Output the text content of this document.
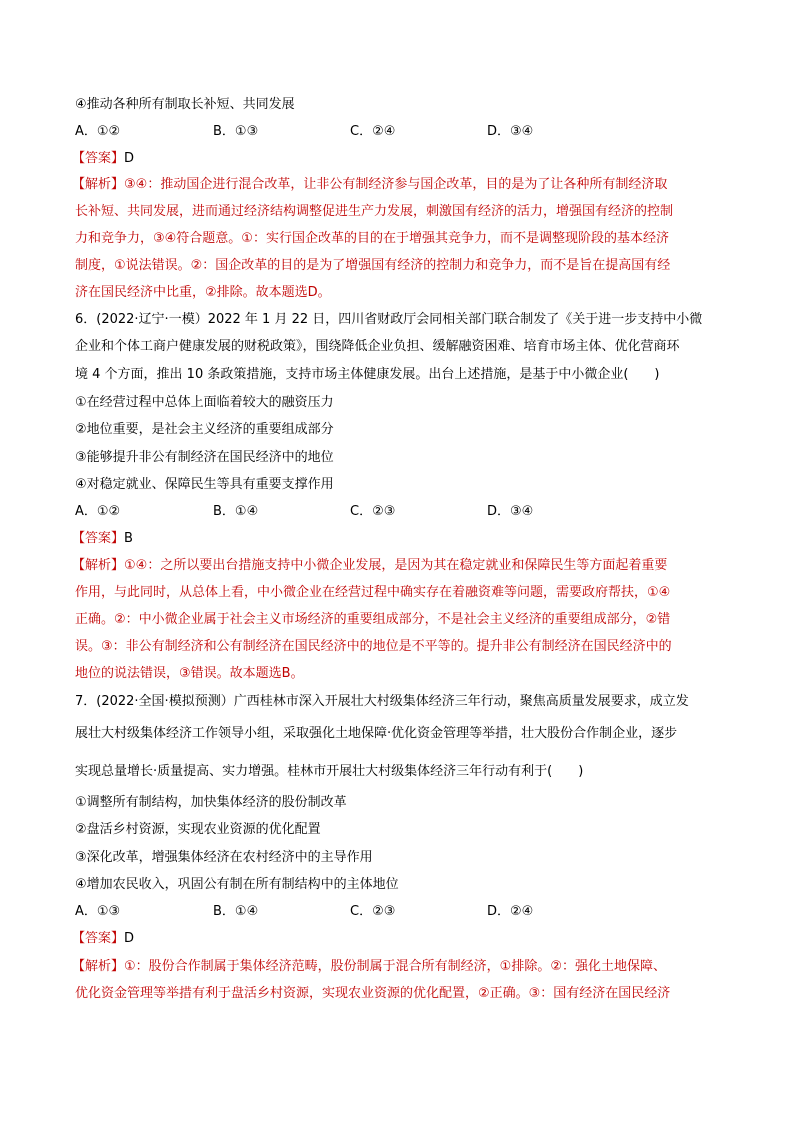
④推动各种所有制取长补短、共同发展
A．①②	B．①③	C．②④	D．③④
【答案】D
【解析】③④：推动国企进行混合改革，让非公有制经济参与国企改革，目的是为了让各种所有制经济取
长补短、共同发展，进而通过经济结构调整促进生产力发展，刺激国有经济的活力，增强国有经济的控制
力和竞争力，③④符合题意。①：实行国企改革的目的在于增强其竞争力，而不是调整现阶段的基本经济
制度，①说法错误。②：国企改革的目的是为了增强国有经济的控制力和竞争力，而不是旨在提高国有经
济在国民经济中比重，②排除。故本题选D。
6．(2022·辽宁·一模）2022 年 1 月 22 日，四川省财政厅会同相关部门联合制发了《关于进一步支持中小微
企业和个体工商户健康发展的财税政策》，围绕降低企业负担、缓解融资困难、培育市场主体、优化营商环
境 4 个方面，推出 10 条政策措施，支持市场主体健康发展。出台上述措施，是基于中小微企业(　　)
①在经营过程中总体上面临着较大的融资压力
②地位重要，是社会主义经济的重要组成部分
③能够提升非公有制经济在国民经济中的地位
④对稳定就业、保障民生等具有重要支撑作用
A．①②	B．①④	C．②③	D．③④
【答案】B
【解析】①④：之所以要出台措施支持中小微企业发展，是因为其在稳定就业和保障民生等方面起着重要
作用，与此同时，从总体上看，中小微企业在经营过程中确实存在着融资难等问题，需要政府帮扶，①④
正确。②：中小微企业属于社会主义市场经济的重要组成部分，不是社会主义经济的重要组成部分，②错
误。③：非公有制经济和公有制经济在国民经济中的地位是不平等的。提升非公有制经济在国民经济中的
地位的说法错误，③错误。故本题选B。
7．(2022·全国·模拟预测）广西桂林市深入开展壮大村级集体经济三年行动，聚焦高质量发展要求，成立发
展壮大村级集体经济工作领导小组，采取强化土地保障·优化资金管理等举措，壮大股份合作制企业，逐步
实现总量增长·质量提高、实力增强。桂林市开展壮大村级集体经济三年行动有利于(　　)
①调整所有制结构，加快集体经济的股份制改革
②盘活乡村资源，实现农业资源的优化配置
③深化改革，增强集体经济在农村经济中的主导作用
④增加农民收入，巩固公有制在所有制结构中的主体地位
A．①③	B．①④	C．②③	D．②④
【答案】D
【解析】①：股份合作制属于集体经济范畴，股份制属于混合所有制经济，①排除。②：强化土地保障、
优化资金管理等举措有利于盘活乡村资源，实现农业资源的优化配置，②正确。③：国有经济在国民经济
